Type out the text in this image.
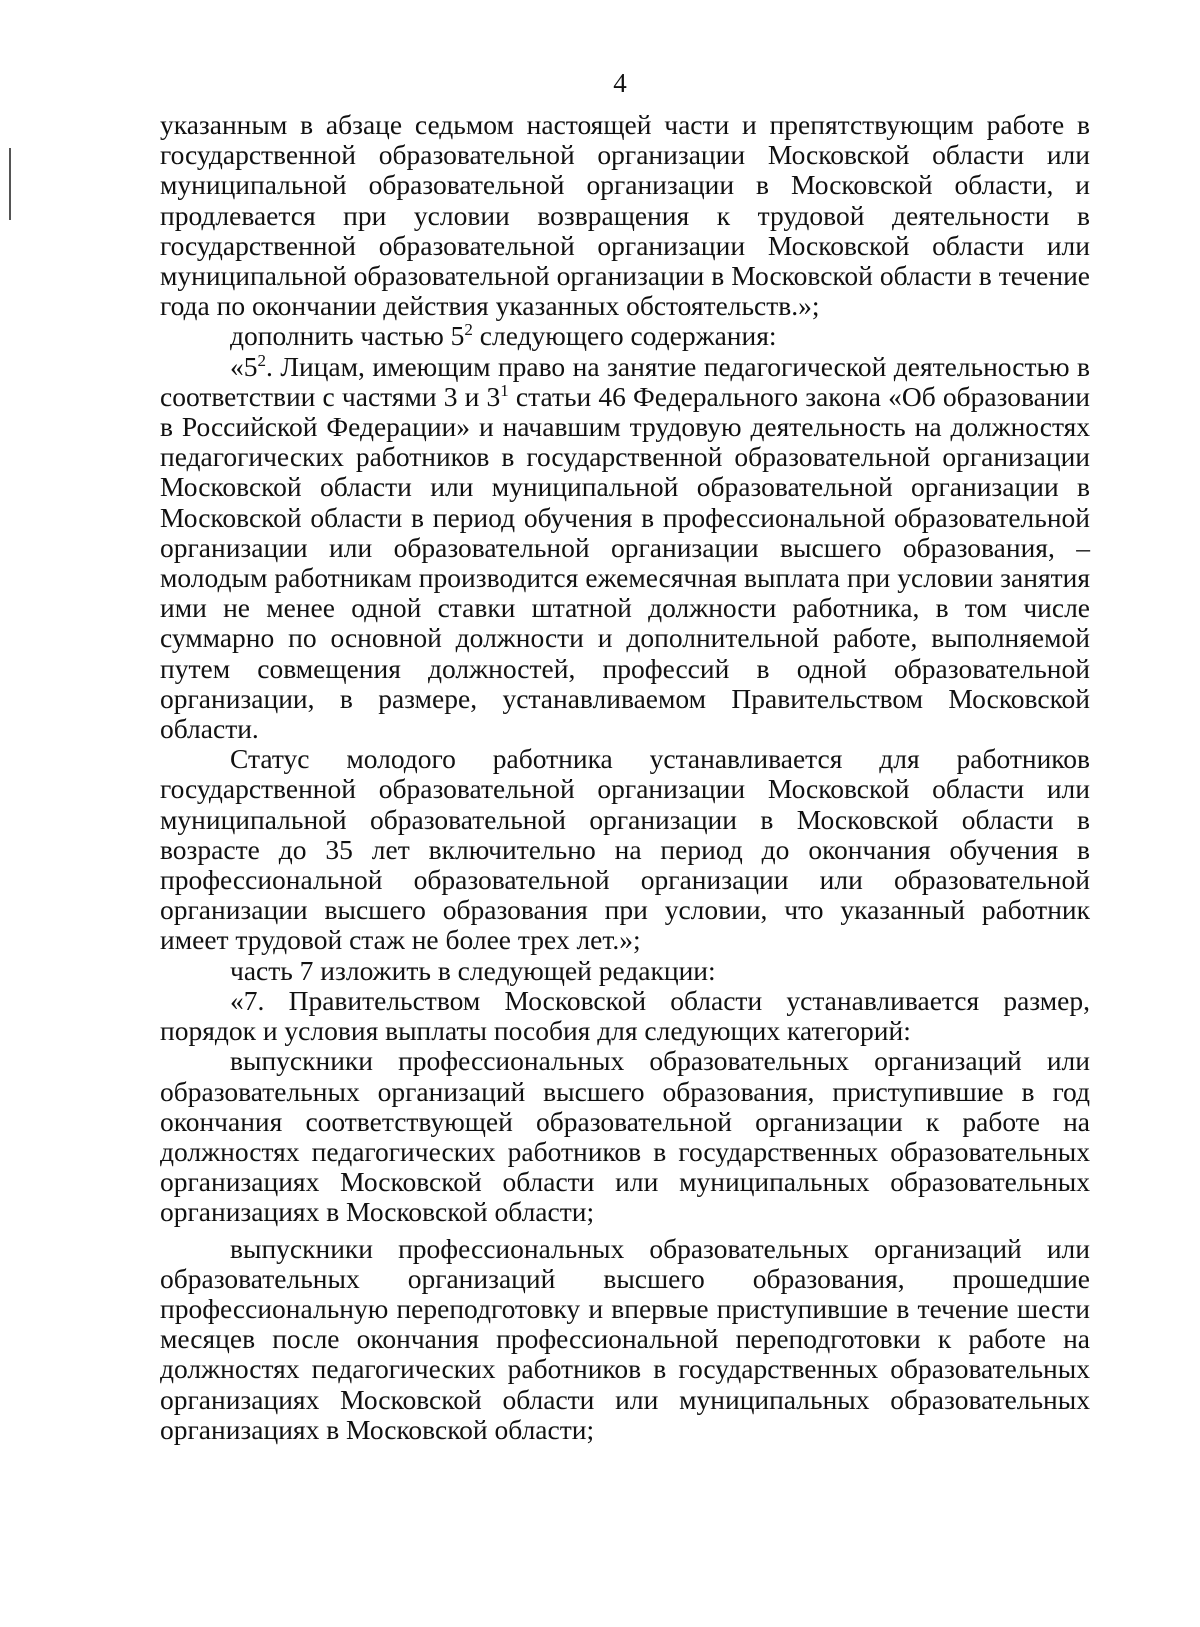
4

указанным в абзаце седьмом настоящей части и препятствующим работе в государственной образовательной организации Московской области или муниципальной образовательной организации в Московской области, и продлевается при условии возвращения к трудовой деятельности в государственной образовательной организации Московской области или муниципальной образовательной организации в Московской области в течение года по окончании действия указанных обстоятельств.»;

дополнить частью $5^2$ следующего содержания:

«$5^2$. Лицам, имеющим право на занятие педагогической деятельностью в соответствии с частями 3 и $3^1$ статьи 46 Федерального закона «Об образовании в Российской Федерации» и начавшим трудовую деятельность на должностях педагогических работников в государственной образовательной организации Московской области или муниципальной образовательной организации в Московской области в период обучения в профессиональной образовательной организации или образовательной организации высшего образования, – молодым работникам производится ежемесячная выплата при условии занятия ими не менее одной ставки штатной должности работника, в том числе суммарно по основной должности и дополнительной работе, выполняемой путем совмещения должностей, профессий в одной образовательной организации, в размере, устанавливаемом Правительством Московской области.

Статус молодого работника устанавливается для работников государственной образовательной организации Московской области или муниципальной образовательной организации в Московской области в возрасте до 35 лет включительно на период до окончания обучения в профессиональной образовательной организации или образовательной организации высшего образования при условии, что указанный работник имеет трудовой стаж не более трех лет.»;

часть 7 изложить в следующей редакции:

«7. Правительством Московской области устанавливается размер, порядок и условия выплаты пособия для следующих категорий:

выпускники профессиональных образовательных организаций или образовательных организаций высшего образования, приступившие в год окончания соответствующей образовательной организации к работе на должностях педагогических работников в государственных образовательных организациях Московской области или муниципальных образовательных организациях в Московской области;

выпускники профессиональных образовательных организаций или образовательных организаций высшего образования, прошедшие профессиональную переподготовку и впервые приступившие в течение шести месяцев после окончания профессиональной переподготовки к работе на должностях педагогических работников в государственных образовательных организациях Московской области или муниципальных образовательных организациях в Московской области;
